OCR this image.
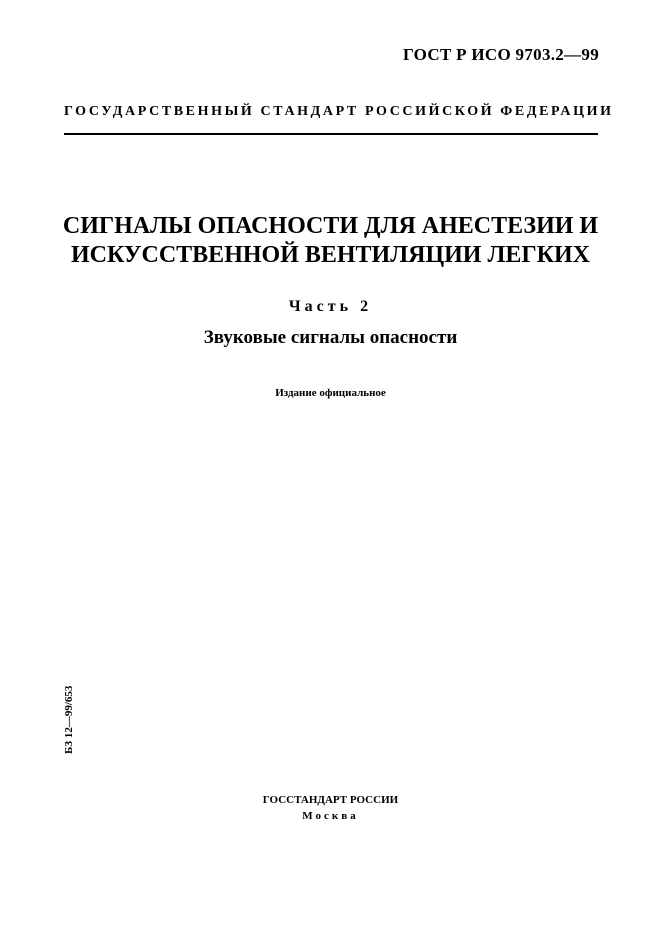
ГОСТ Р ИСО 9703.2—99
ГОСУДАРСТВЕННЫЙ СТАНДАРТ РОССИЙСКОЙ ФЕДЕРАЦИИ
СИГНАЛЫ ОПАСНОСТИ ДЛЯ АНЕСТЕЗИИ И
ИСКУССТВЕННОЙ ВЕНТИЛЯЦИИ ЛЕГКИХ
Часть 2
Звуковые сигналы опасности
Издание официальное
БЗ 12—99/653
ГОССТАНДАРТ РОССИИ
Москва
